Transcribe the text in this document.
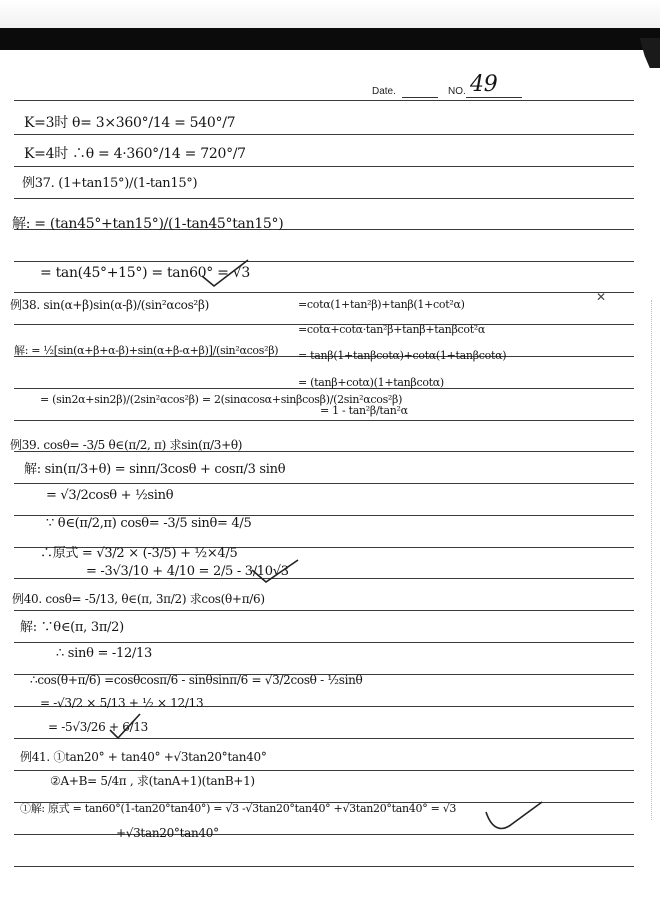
Date.	NO. 49
K=3时 θ= 3×360°/14 = 540°/7
K=4时 ∴θ = 4·360°/14 = 720°/7
例37. (1+tan15°)/(1-tan15°)
解: = (tan45°+tan15°)/(1-tan45°tan15°)
= tan(45°+15°) = tan60° = √3
例38. sin(α+β)sin(α-β)/(sin²αcos²β)
解: = ½[sin(α+β+α-β)+sin(α+β-α+β)]/(sin²αcos²β)
= (sin2α+sin2β)/(2sin²αcos²β) = 2(sinαcosα+sinβcosβ)/(2sin²αcos²β)
=cotα(1+tan²β)+tanβ(1+cot²α)
=cotα+cotα·tan²β+tanβ+tanβcot²α
= tanβ(1+tanβcotα)+cotα(1+tanβcotα)
= (tanβ+cotα)(1+tanβcotα)
= 1 - tan²β/tan²α
✕
例39. cosθ= -3/5 θ∈(π/2, π) 求sin(π/3+θ)
解: sin(π/3+θ) = sinπ/3cosθ + cosπ/3 sinθ
= √3/2cosθ + ½sinθ
∵ θ∈(π/2,π) cosθ= -3/5 sinθ= 4/5
∴原式 = √3/2 × (-3/5) + ½×4/5
= -3√3/10 + 4/10 = 2/5 - 3/10√3
例40. cosθ= -5/13, θ∈(π, 3π/2) 求cos(θ+π/6)
解: ∵θ∈(π, 3π/2)
∴ sinθ = -12/13
∴cos(θ+π/6) =cosθcosπ/6 - sinθsinπ/6 = √3/2cosθ - ½sinθ
= -√3/2 × 5/13 + ½ × 12/13
= -5√3/26 + 6/13
例41. ①tan20° + tan40° +√3tan20°tan40°
②A+B= 5/4π , 求(tanA+1)(tanB+1)
①解: 原式 = tan60°(1-tan20°tan40°) = √3 -√3tan20°tan40° +√3tan20°tan40° = √3
+√3tan20°tan40°
